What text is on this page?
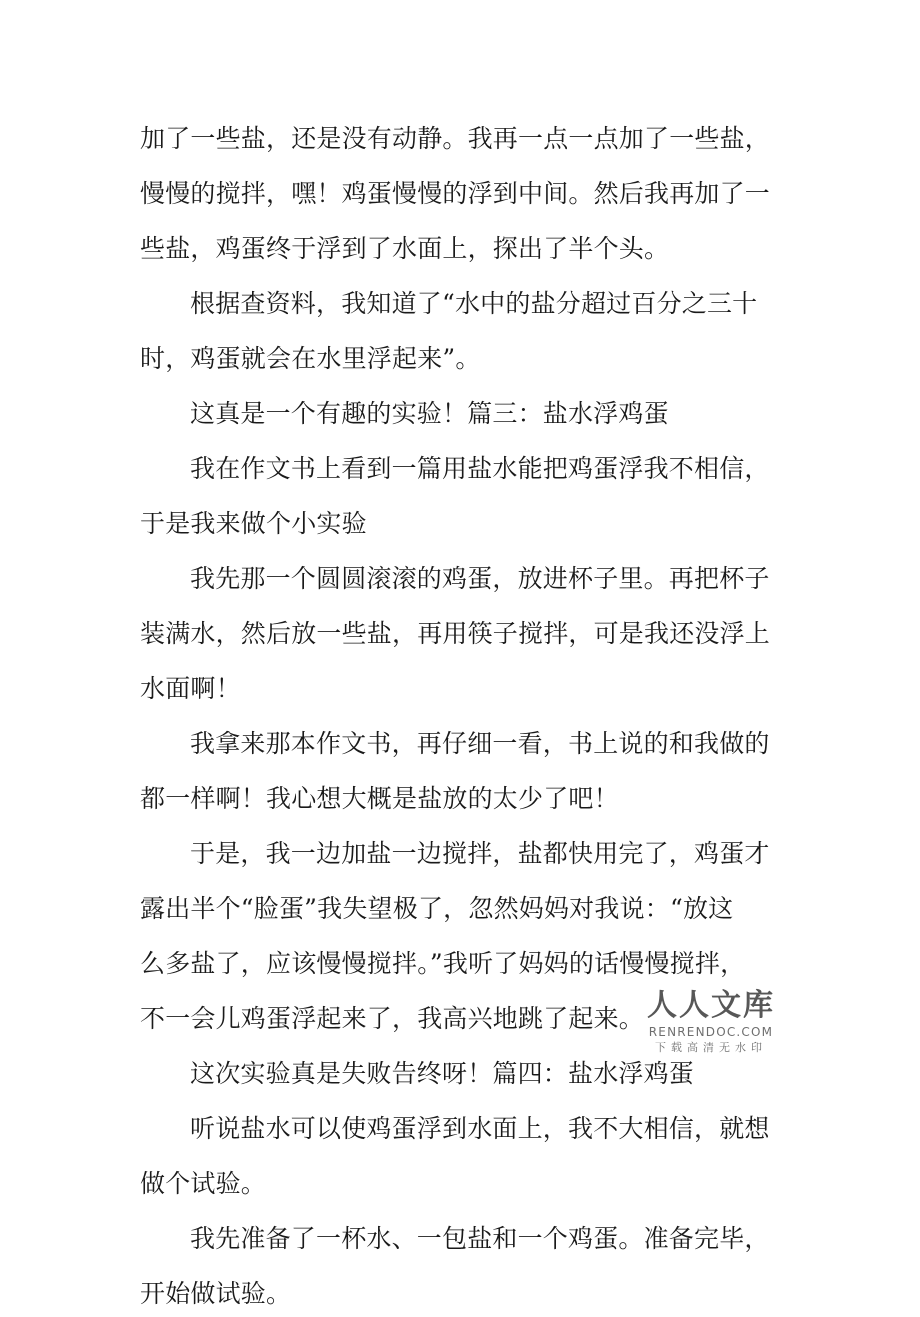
加了一些盐，还是没有动静。我再一点一点加了一些盐，
慢慢的搅拌，嘿！鸡蛋慢慢的浮到中间。然后我再加了一
些盐，鸡蛋终于浮到了水面上，探出了半个头。
根据查资料，我知道了“水中的盐分超过百分之三十
时，鸡蛋就会在水里浮起来”。
这真是一个有趣的实验！篇三：盐水浮鸡蛋
我在作文书上看到一篇用盐水能把鸡蛋浮我不相信，
于是我来做个小实验
我先那一个圆圆滚滚的鸡蛋，放进杯子里。再把杯子
装满水，然后放一些盐，再用筷子搅拌，可是我还没浮上
水面啊！
我拿来那本作文书，再仔细一看，书上说的和我做的
都一样啊！我心想大概是盐放的太少了吧！
于是，我一边加盐一边搅拌，盐都快用完了，鸡蛋才
露出半个“脸蛋”我失望极了，忽然妈妈对我说：“放这
么多盐了，应该慢慢搅拌。”我听了妈妈的话慢慢搅拌，
不一会儿鸡蛋浮起来了，我高兴地跳了起来。
这次实验真是失败告终呀！篇四：盐水浮鸡蛋
听说盐水可以使鸡蛋浮到水面上，我不大相信，就想
做个试验。
我先准备了一杯水、一包盐和一个鸡蛋。准备完毕，
开始做试验。
人人文库
RENRENDOC.COM
下载高清无水印
